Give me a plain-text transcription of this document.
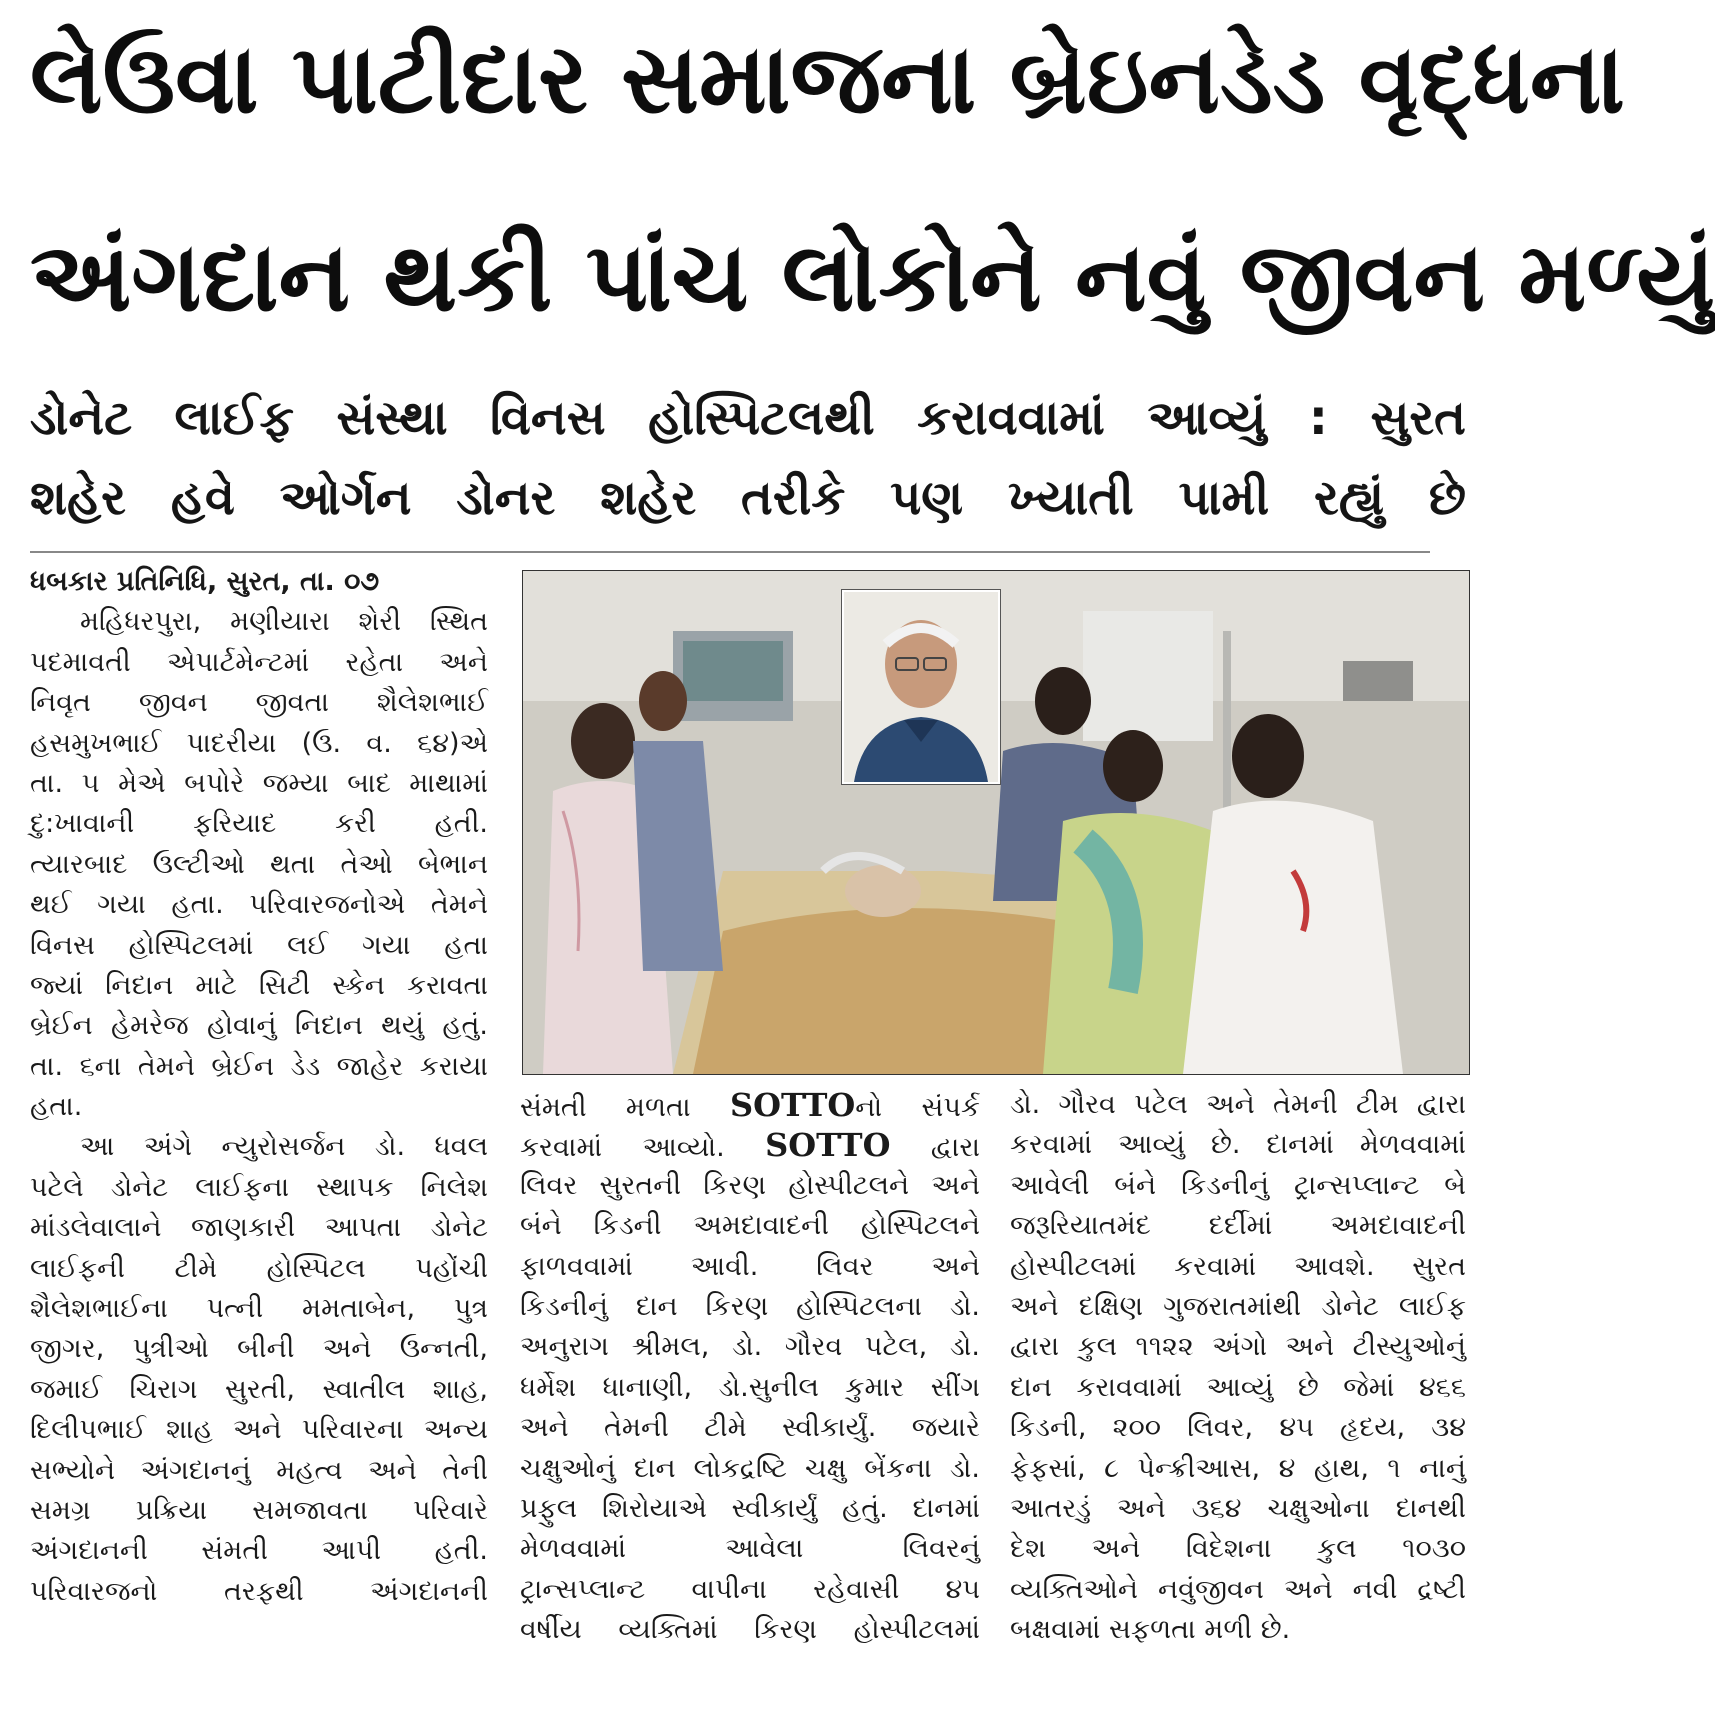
લેઉવા પાટીદાર સમાજના બ્રેઇનડેડ વૃદ્ધના
અંગદાન થકી પાંચ લોકોને નવું જીવન મળ્યું
ડોનેટ લાઈફ સંસ્થા વિનસ હોસ્પિટલથી કરાવવામાં આવ્યું : સુરત
શહેર હવે ઓર્ગન ડોનર શહેર તરીકે પણ ખ્યાતી પામી રહ્યું છે
ધબકાર પ્રતિનિધિ, સુરત, તા. ૦૭
મહિધરપુરા, મણીયારા શેરી સ્થિત
પદમાવતી એપાર્ટમેન્ટમાં રહેતા અને
નિવૃત જીવન જીવતા શૈલેશભાઈ
હસમુખભાઈ પાદરીયા (ઉ. વ. ૬૪)એ
તા. ૫ મેએ બપોરે જમ્યા બાદ માથામાં
દુ:ખાવાની ફરિયાદ કરી હતી.
ત્યારબાદ ઉલ્ટીઓ થતા તેઓ બેભાન
થઈ ગયા હતા. પરિવારજનોએ તેમને
વિનસ હોસ્પિટલમાં લઈ ગયા હતા
જ્યાં નિદાન માટે સિટી સ્કેન કરાવતા
બ્રેઈન હેમરેજ હોવાનું નિદાન થયું હતું.
તા. ૬ના તેમને બ્રેઈન ડેડ જાહેર કરાયા
હતા.
આ અંગે ન્યુરોસર્જન ડો. ધવલ
પટેલે ડોનેટ લાઈફના સ્થાપક નિલેશ
માંડલેવાલાને જાણકારી આપતા ડોનેટ
લાઈફની ટીમે હોસ્પિટલ પહોંચી
શૈલેશભાઈના પત્ની મમતાબેન, પુત્ર
જીગર, પુત્રીઓ બીની અને ઉન્નતી,
જમાઈ ચિરાગ સુરતી, સ્વાતીલ શાહ,
દિલીપભાઈ શાહ અને પરિવારના અન્ય
સભ્યોને અંગદાનનું મહત્વ અને તેની
સમગ્ર પ્રક્રિયા સમજાવતા પરિવારે
અંગદાનની સંમતી આપી હતી.
પરિવારજનો તરફથી અંગદાનની
સંમતી મળતા SOTTOનો સંપર્ક
કરવામાં આવ્યો. SOTTO દ્વારા
લિવર સુરતની કિરણ હોસ્પીટલને અને
બંને કિડની અમદાવાદની હોસ્પિટલને
ફાળવવામાં આવી. લિવર અને
કિડનીનું દાન કિરણ હોસ્પિટલના ડો.
અનુરાગ શ્રીમલ, ડો. ગૌરવ પટેલ, ડો.
ધર્મેશ ધાનાણી, ડો.સુનીલ કુમાર સીંગ
અને તેમની ટીમે સ્વીકાર્યું. જયારે
ચક્ષુઓનું દાન લોકદ્રષ્ટિ ચક્ષુ બેંકના ડો.
પ્રફુલ શિરોયાએ સ્વીકાર્યું હતું. દાનમાં
મેળવવામાં આવેલા લિવરનું
ટ્રાન્સપ્લાન્ટ વાપીના રહેવાસી ૪૫
વર્ષીય વ્યક્તિમાં કિરણ હોસ્પીટલમાં
ડો. ગૌરવ પટેલ અને તેમની ટીમ દ્વારા
કરવામાં આવ્યું છે. દાનમાં મેળવવામાં
આવેલી બંને કિડનીનું ટ્રાન્સપ્લાન્ટ બે
જરૂરિયાતમંદ દર્દીમાં અમદાવાદની
હોસ્પીટલમાં કરવામાં આવશે. સુરત
અને દક્ષિણ ગુજરાતમાંથી ડોનેટ લાઈફ
દ્વારા કુલ ૧૧૨૨ અંગો અને ટીસ્યુઓનું
દાન કરાવવામાં આવ્યું છે જેમાં ૪૬૬
કિડની, ૨૦૦ લિવર, ૪૫ હૃદય, ૩૪
ફેફસાં, ૮ પેન્ક્રીઆસ, ૪ હાથ, ૧ નાનું
આતરડું અને ૩૬૪ ચક્ષુઓના દાનથી
દેશ અને વિદેશના કુલ ૧૦૩૦
વ્યક્તિઓને નવુંજીવન અને નવી દ્રષ્ટી
બક્ષવામાં સફળતા મળી છે.
